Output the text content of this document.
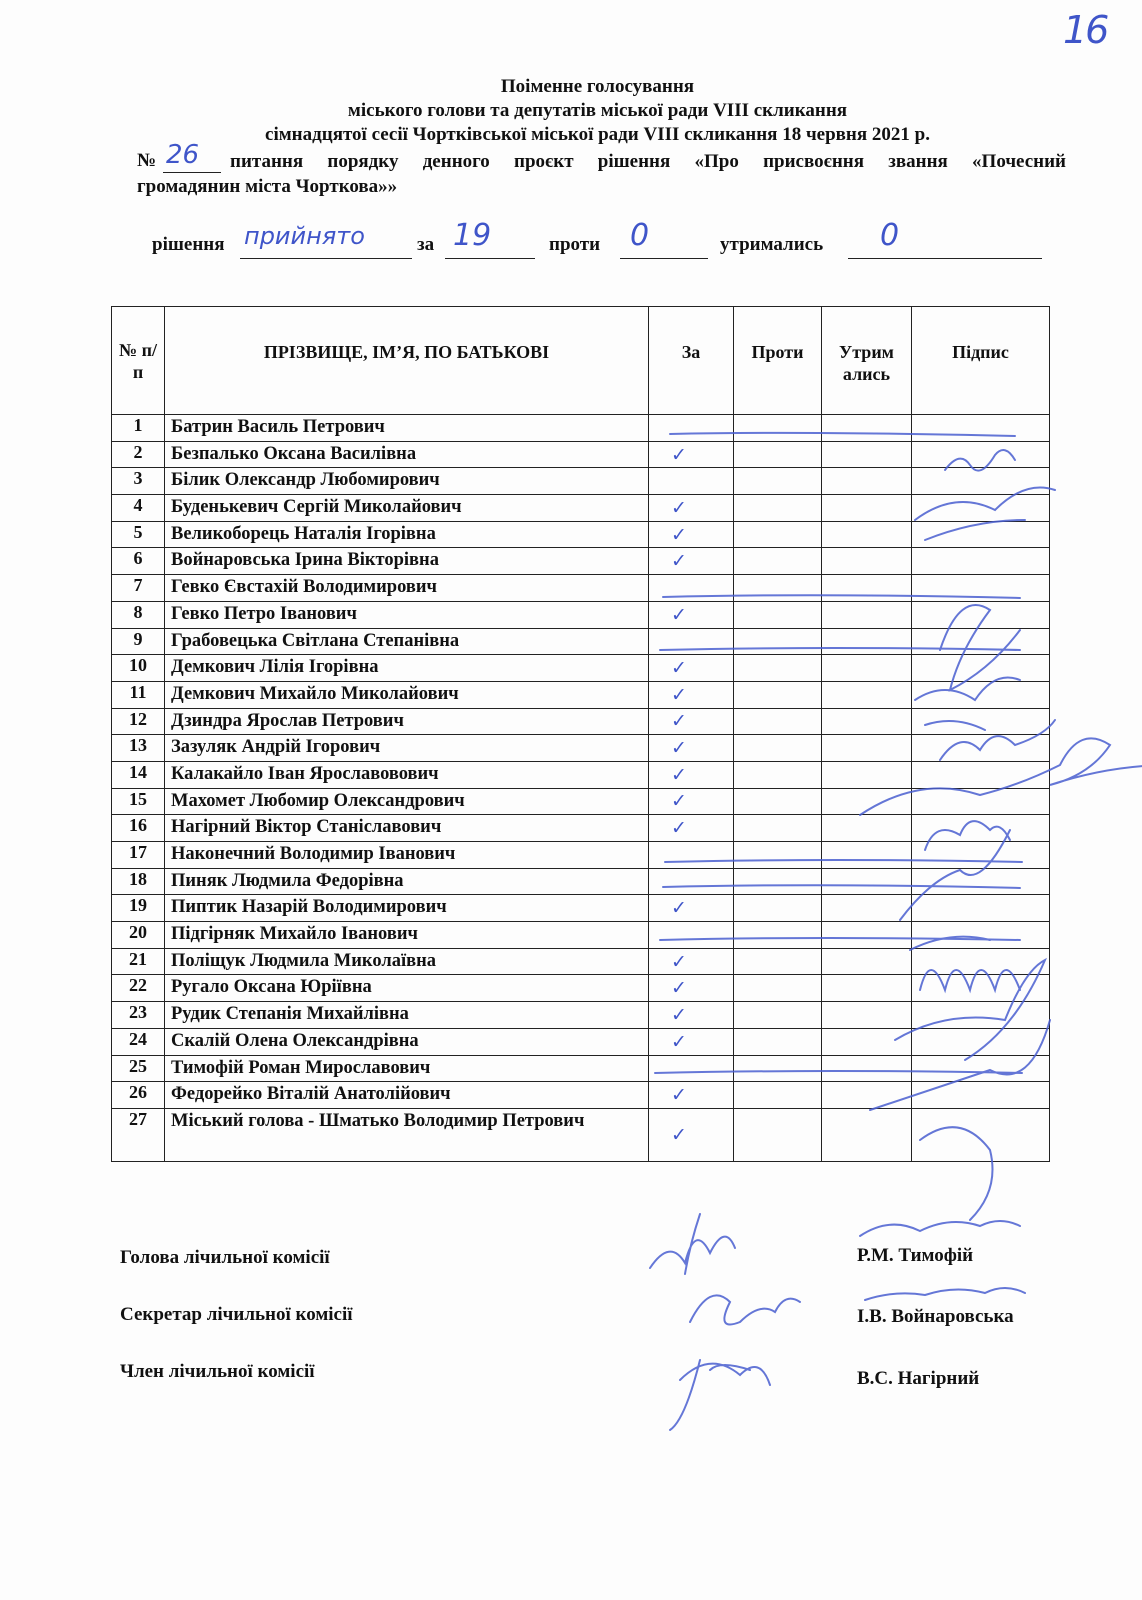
16
Поіменне голосування
міського голови та депутатів міської ради VIII скликання
сімнадцятої сесії Чортківської міської ради VIII скликання 18 червня 2021 р.
№ 26 питання порядку денного проєкт рішення «Про присвоєння звання «Почесний
громадянин міста Чорткова»»
рішення прийнято	за 19	проти 0	утримались 0
№ п/п	ПРІЗВИЩЕ, ІМ’Я, ПО БАТЬКОВІ	За	Проти	Утримались	Підпис
1	Батрин Василь Петрович				
2	Безпалько Оксана Василівна	✓			
3	Білик Олександр Любомирович				
4	Буденькевич Сергій Миколайович	✓			
5	Великоборець Наталія Ігорівна	✓			
6	Войнаровська Ірина Вікторівна	✓			
7	Гевко Євстахій Володимирович				
8	Гевко Петро Іванович	✓			
9	Грабовецька Світлана Степанівна				
10	Демкович Лілія Ігорівна	✓			
11	Демкович Михайло Миколайович	✓			
12	Дзиндра Ярослав Петрович	✓			
13	Зазуляк Андрій Ігорович	✓			
14	Калакайло Іван Ярославовович	✓			
15	Махомет Любомир Олександрович	✓			
16	Нагірний Віктор Станіславович	✓			
17	Наконечний Володимир Іванович				
18	Пиняк Людмила Федорівна				
19	Пиптик Назарій Володимирович	✓			
20	Підгірняк Михайло Іванович				
21	Поліщук Людмила Миколаївна	✓			
22	Ругало Оксана Юріївна	✓			
23	Рудик Степанія Михайлівна	✓			
24	Скалій Олена Олександрівна	✓			
25	Тимофій Роман Мирославович				
26	Федорейко Віталій Анатолійович	✓			
27	Міський голова - Шматько Володимир Петрович	✓			
Голова лічильної комісії	Р.М. Тимофій
Секретар лічильної комісії	І.В. Войнаровська
Член лічильної комісії	В.С. Нагірний
